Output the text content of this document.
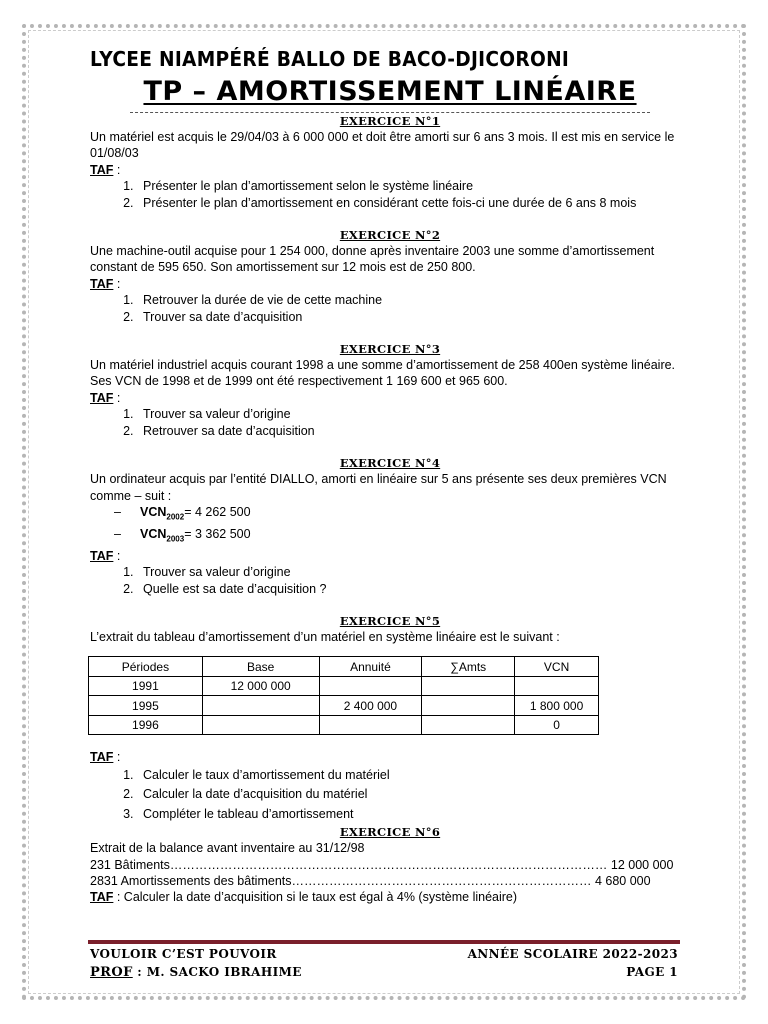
LYCEE NIAMPÉRÉ BALLO DE BACO-DJICORONI
TP – AMORTISSEMENT LINÉAIRE
EXERCICE N°1
Un matériel est acquis le 29/04/03 à 6 000 000 et doit être amorti sur 6 ans 3 mois. Il est mis en service le 01/08/03
TAF :
1. Présenter le plan d’amortissement selon le système linéaire
2. Présenter le plan d’amortissement en considérant cette fois-ci une durée de 6 ans 8 mois
EXERCICE N°2
Une machine-outil acquise pour 1 254 000, donne après inventaire 2003 une somme d’amortissement constant de 595 650. Son amortissement sur 12 mois est de 250 800.
TAF :
1. Retrouver la durée de vie de cette machine
2. Trouver sa date d’acquisition
EXERCICE N°3
Un matériel industriel acquis courant 1998 a une somme d’amortissement de 258 400en système linéaire. Ses VCN de 1998 et de 1999 ont été respectivement 1 169 600 et 965 600.
TAF :
1. Trouver sa valeur d’origine
2. Retrouver sa date d’acquisition
EXERCICE N°4
Un ordinateur acquis par l’entité DIALLO, amorti en linéaire sur 5 ans présente ses deux premières VCN comme – suit :
– $VCN_{2002}= 4$ 262 500
– $VCN_{2003}= 3$ 362 500
TAF :
1. Trouver sa valeur d’origine
2. Quelle est sa date d’acquisition ?
EXERCICE N°5
L’extrait du tableau d’amortissement d’un matériel en système linéaire est le suivant :
Périodes	Base	Annuité	∑Amts	VCN
1991	12 000 000			
1995		2 400 000		1 800 000
1996				0
TAF :
1. Calculer le taux d’amortissement du matériel
2. Calculer la date d’acquisition du matériel
3. Compléter le tableau d’amortissement
EXERCICE N°6
Extrait de la balance avant inventaire au 31/12/98
231 Bâtiments…………………………………………………………………………………………… 12 000 000
2831 Amortissements des bâtiments……………………………………………………………… 4 680 000
TAF : Calculer la date d’acquisition si le taux est égal à 4% (système linéaire)
VOULOIR C’EST POUVOIR	ANNÉE SCOLAIRE 2022-2023
PROF : M. SACKO IBRAHIME	PAGE 1
